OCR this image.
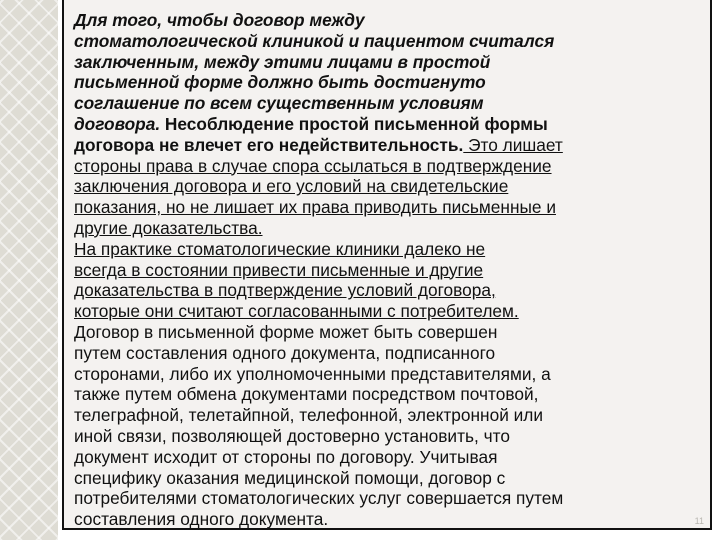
Для того, чтобы договор между
стоматологической клиникой и пациентом считался
заключенным, между этими лицами в простой
письменной форме должно быть достигнуто
соглашение по всем существенным условиям
договора. Несоблюдение простой письменной формы
договора не влечет его недействительность. Это лишает
стороны права в случае спора ссылаться в подтверждение
заключения договора и его условий на свидетельские
показания, но не лишает их права приводить письменные и
другие доказательства.
На практике стоматологические клиники далеко не
всегда в состоянии привести письменные и другие
доказательства в подтверждение условий договора,
которые они считают согласованными с потребителем.
Договор в письменной форме может быть совершен
путем составления одного документа, подписанного
сторонами, либо их уполномоченными представителями, а
также путем обмена документами посредством почтовой,
телеграфной, телетайпной, телефонной, электронной или
иной связи, позволяющей достоверно установить, что
документ исходит от стороны по договору. Учитывая
специфику оказания медицинской помощи, договор с
потребителями стоматологических услуг совершается путем
составления одного документа.	11
